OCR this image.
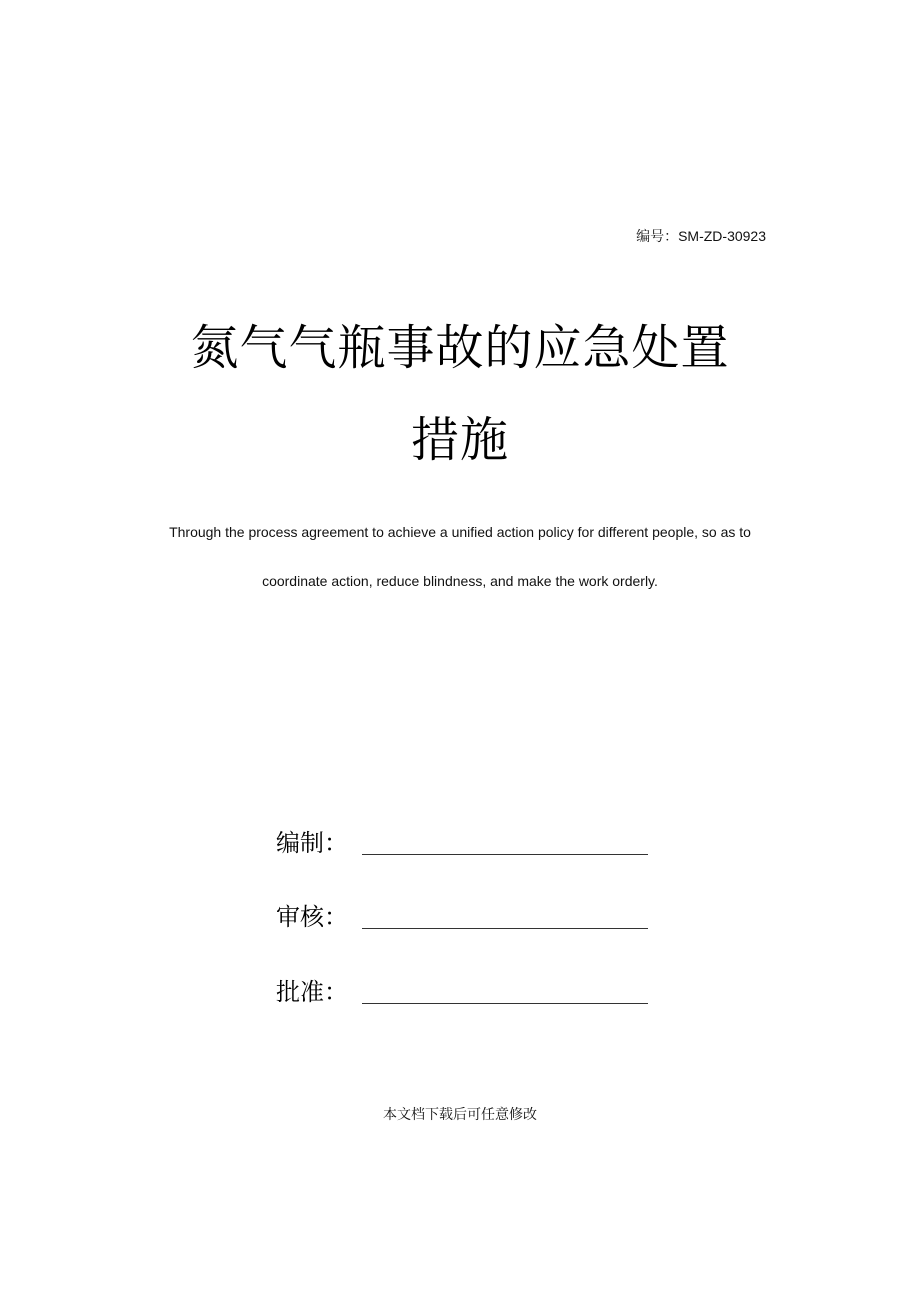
编号：SM-ZD-30923
氮气气瓶事故的应急处置
措施
Through the process agreement to achieve a unified action policy for different people, so as to
coordinate action, reduce blindness, and make the work orderly.
编制：
审核：
批准：
本文档下载后可任意修改
